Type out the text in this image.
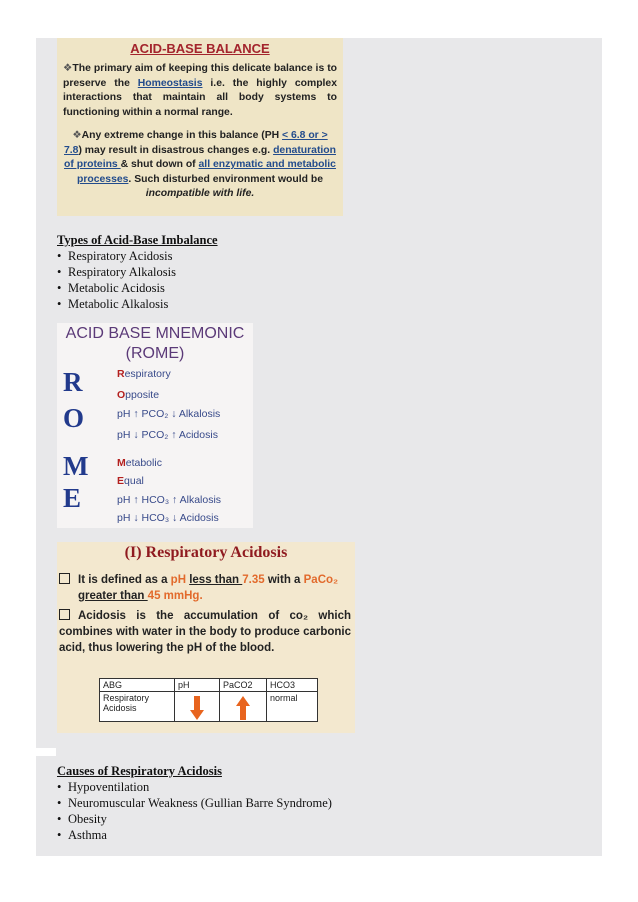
ACID-BASE BALANCE

❖The primary aim of keeping this delicate balance is to preserve the Homeostasis i.e. the highly complex interactions that maintain all body systems to functioning within a normal range.

❖Any extreme change in this balance (PH < 6.8 or > 7.8) may result in disastrous changes e.g. denaturation of proteins & shut down of all enzymatic and metabolic processes. Such disturbed environment would be incompatible with life.

Types of Acid-Base Imbalance
• Respiratory Acidosis
• Respiratory Alkalosis
• Metabolic Acidosis
• Metabolic Alkalosis
ACID BASE MNEMONIC
(ROME)
R
O
M
E
Respiratory
Opposite
pH ↑ PCO₂ ↓ Alkalosis
pH ↓ PCO₂ ↑ Acidosis
Metabolic
Equal
pH ↑ HCO₃ ↑ Alkalosis
pH ↓ HCO₃ ↓ Acidosis
(I) Respiratory Acidosis
It is defined as a pH less than 7.35 with a PaCo₂
greater than 45 mmHg.
Acidosis is the accumulation of co₂ which combines with water in the body to produce carbonic acid, thus lowering the pH of the blood.
ABG	pH	PaCO2	HCO3
Respiratory Acidosis			normal
Causes of Respiratory Acidosis
• Hypoventilation
• Neuromuscular Weakness (Gullian Barre Syndrome)
• Obesity
• Asthma
